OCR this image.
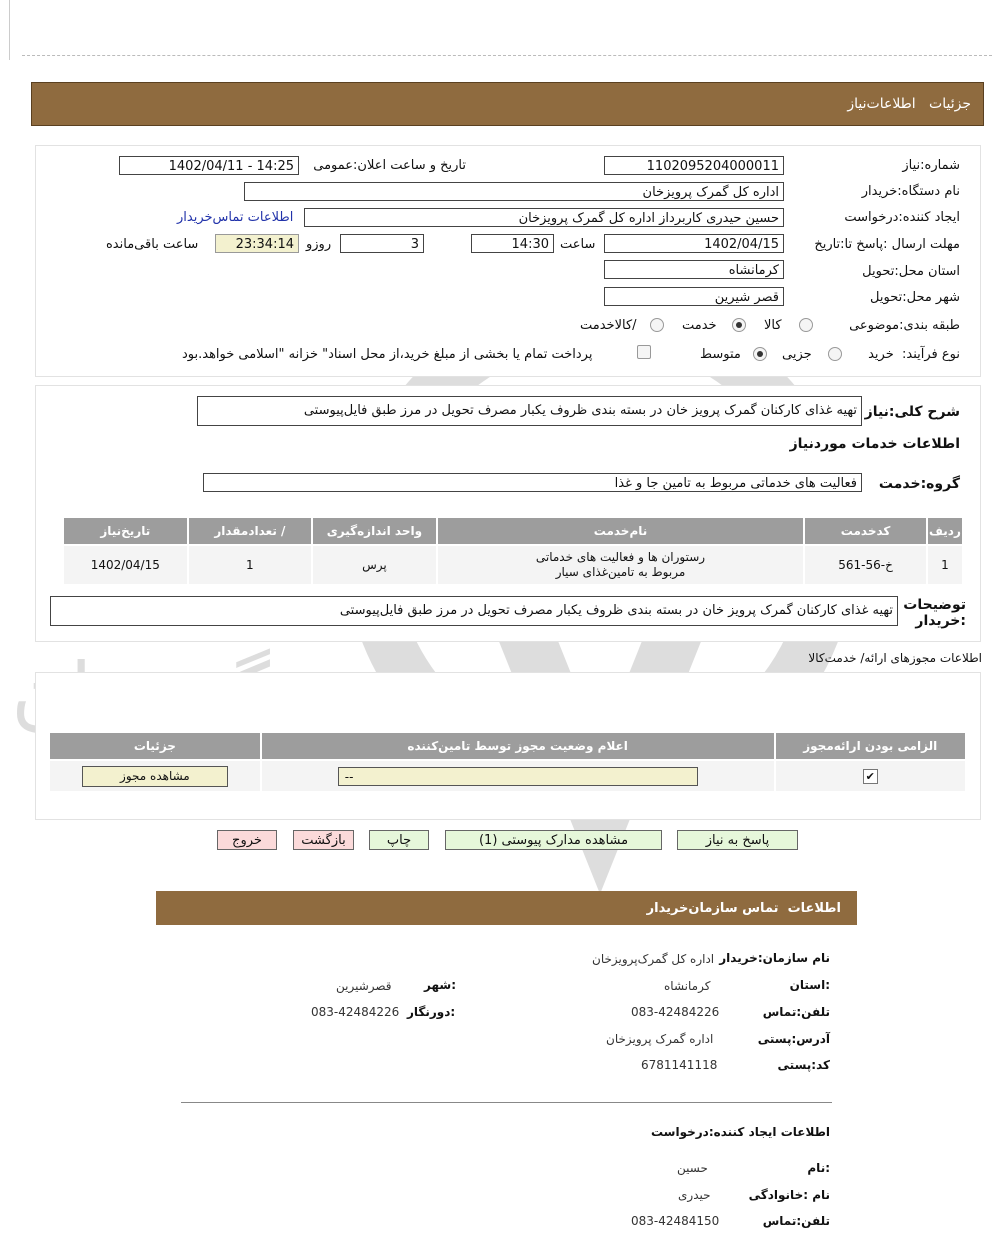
جزئیات   اطلاعات‌نیاز
شماره:نیاز
1102095204000011
تاریخ و ساعت اعلان:عمومی
1402/04/11 - 14:25
نام دستگاه:خریدار
اداره کل گمرک پرویزخان
ایجاد کننده:درخواست
حسین حیدری کاربرداز اداره کل گمرک پرویزخان
اطلاعات تماس‌خریدار
مهلت ارسال :پاسخ تا:تاریخ
1402/04/15
ساعت
14:30
3
روزو
23:34:14
ساعت باقی‌مانده
استان محل:تحویل
کرمانشاه
شهر محل:تحویل
قصر شیرین
طبقه بندی:موضوعی
کالا
خدمت
/کالاخدمت
نوع فرآیند:  خرید
جزیی
متوسط
پرداخت تمام یا بخشی از مبلغ خرید،از محل اسناد" خزانه "اسلامی خواهد.بود
شرح کلی:نیاز
تهیه غذای کارکنان گمرک پرویز خان در بسته بندی ظروف یکبار مصرف تحویل در مرز طبق فایل‌پیوستی
اطلاعات خدمات موردنیاز
گروه:خدمت
فعالیت های خدماتی مربوط به تامین جا و غذا
ردیف	کدخدمت	نام‌خدمت	واحد اندازه‌گیری	/ تعدادمقدار	تاریخ‌نیاز
1	خ-56-561	رستوران ها و فعالیت های خدماتی
مربوط به تامین‌غذای سیار	پرس	1	1402/04/15
توضیحات
:خریدار
تهیه غذای کارکنان گمرک پرویز خان در بسته بندی ظروف یکبار مصرف تحویل در مرز طبق فایل‌پیوستی
اطلاعات مجوزهای ارائه/ خدمت‌کالا
الزامی بودن ارائه‌مجوز	اعلام وضعیت مجوز توسط تامین‌کننده	جزئیات
✔	--	مشاهده مجوز
پاسخ به نیاز
مشاهده مدارک پیوستی (1)
چاپ
بازگشت
خروج
اطلاعات  تماس سازمان‌خریدار
نام سازمان:خریدار
اداره کل گمرک‌پرویزخان
:استان
کرمانشاه
:شهر
قصرشیرین
تلفن:تماس
083-42484226
:دورنگار
083-42484226
آدرس:پستی
اداره گمرک پرویزخان
کد:پستی
6781141118
اطلاعات ایجاد کننده:درخواست
:نام
حسین
نام :خانوادگی
حیدری
تلفن:تماس
083-42484150
